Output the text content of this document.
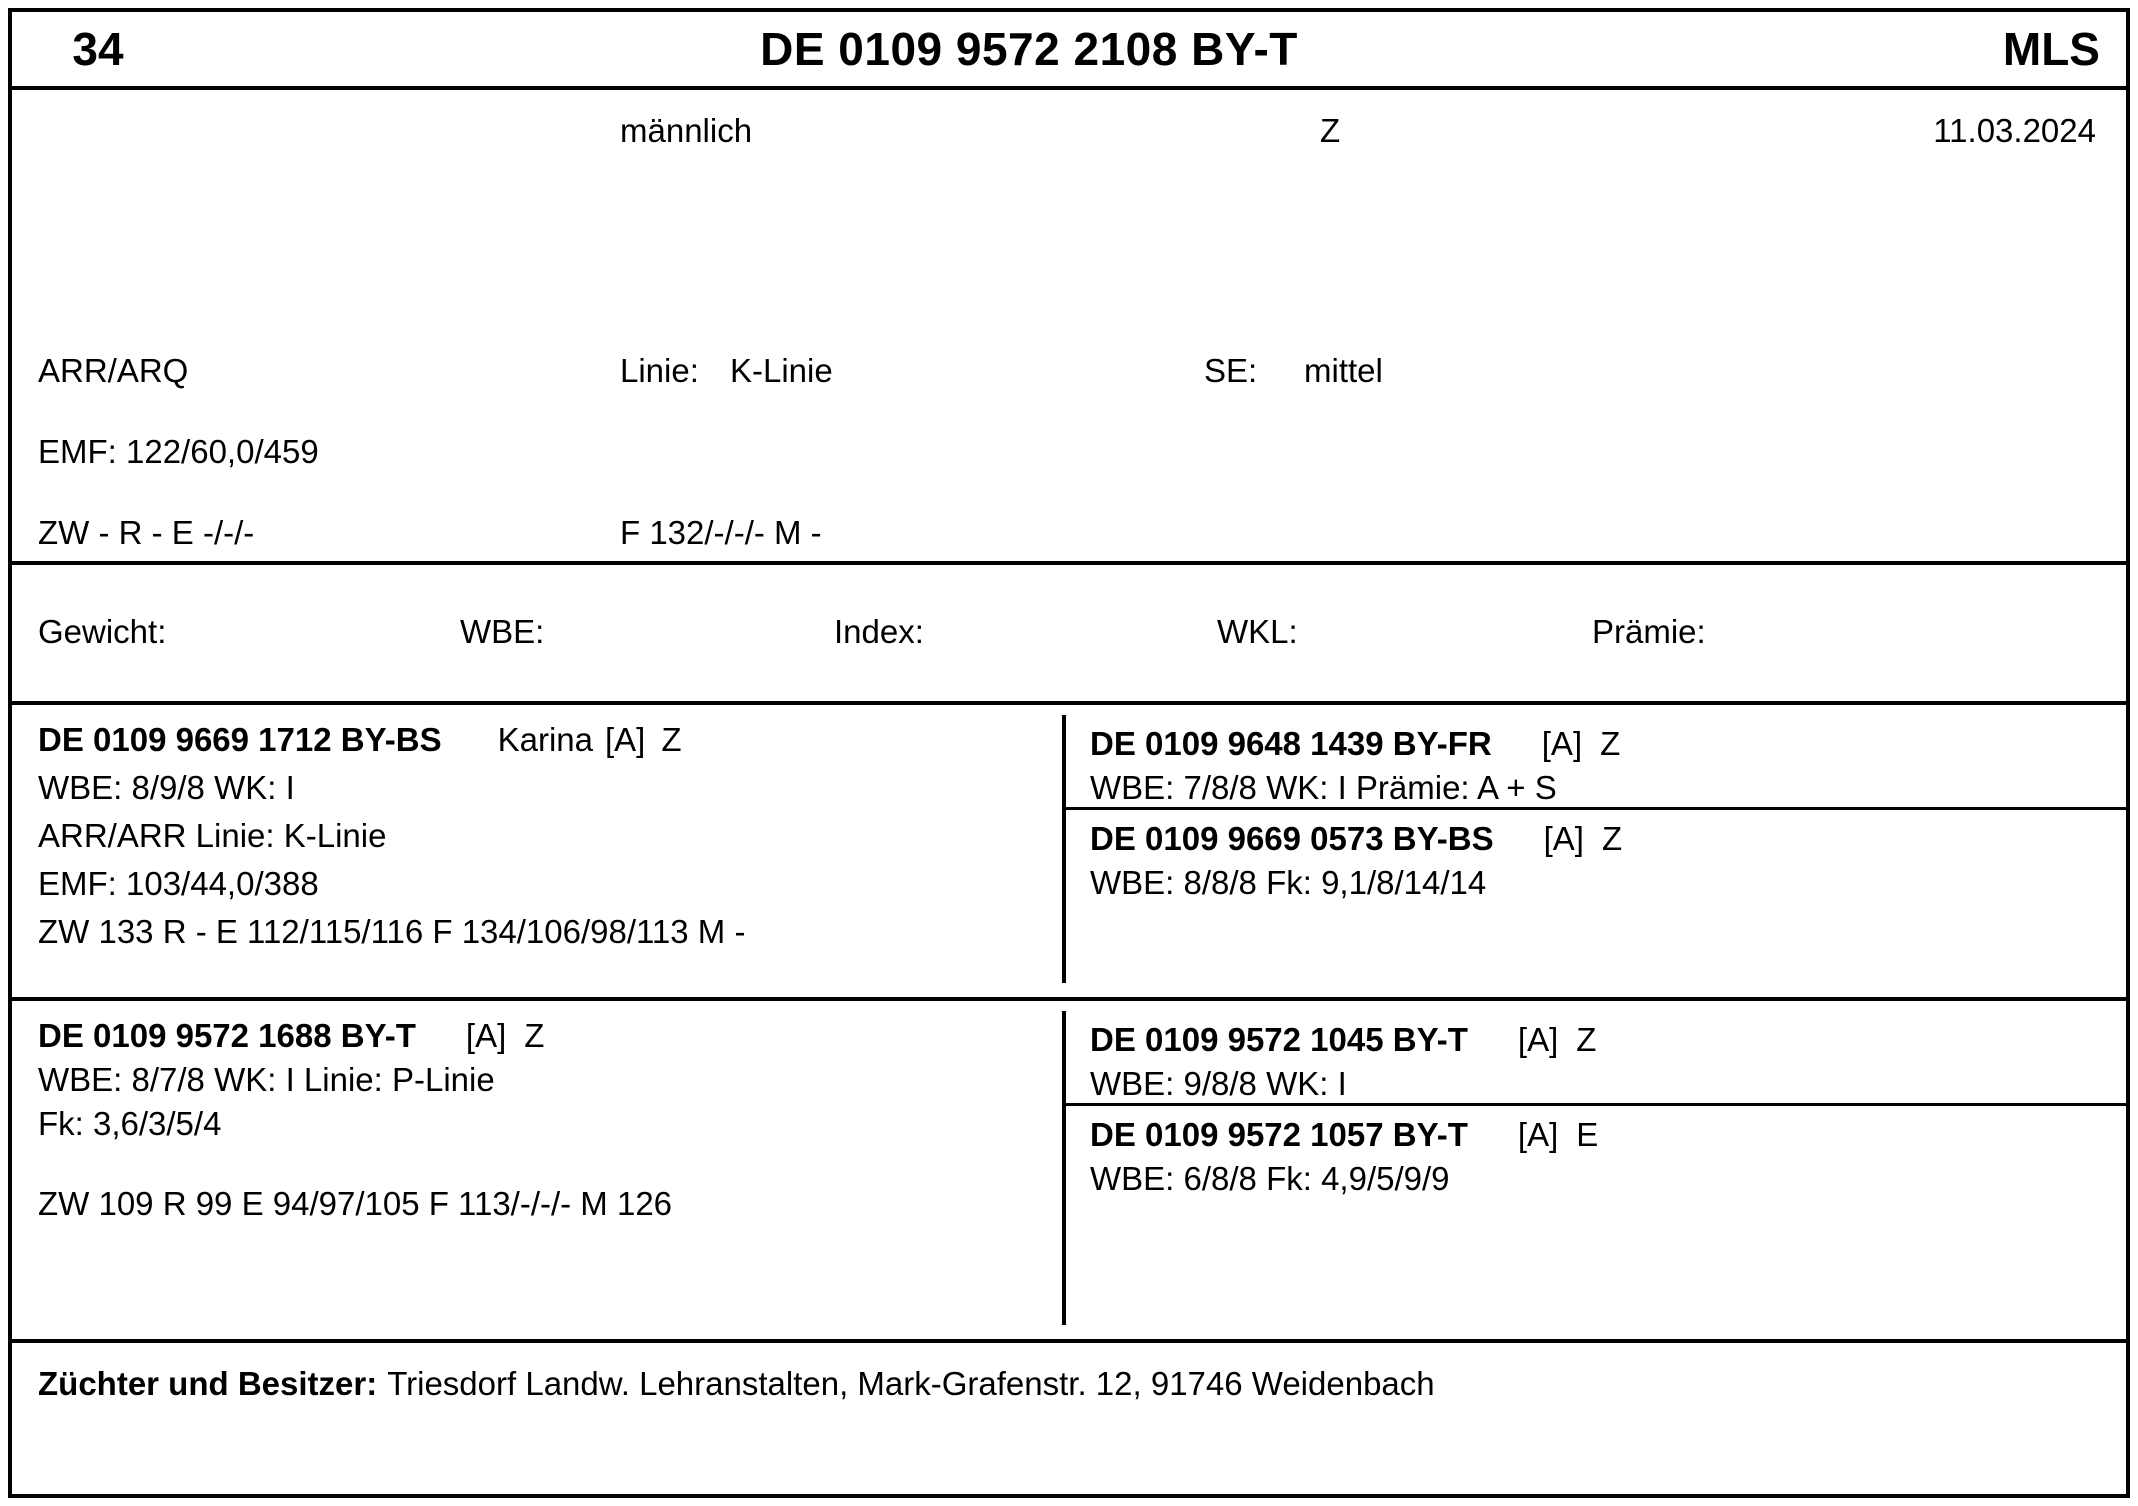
34	DE 0109 9572 2108 BY-T	MLS
männlich	Z	11.03.2024
ARR/ARQ	Linie: K-Linie	SE: mittel
EMF: 122/60,0/459
ZW - R - E -/-/-	F 132/-/-/- M -
Gewicht:	WBE:	Index:	WKL:	Prämie:
DE 0109 9669 1712 BY-BS Karina [A] Z
WBE: 8/9/8 WK: I
ARR/ARR Linie: K-Linie
EMF: 103/44,0/388
ZW 133 R - E 112/115/116 F 134/106/98/113 M -
DE 0109 9648 1439 BY-FR [A] Z
WBE: 7/8/8 WK: I Prämie: A + S
DE 0109 9669 0573 BY-BS [A] Z
WBE: 8/8/8 Fk: 9,1/8/14/14
DE 0109 9572 1688 BY-T [A] Z
WBE: 8/7/8 WK: I Linie: P-Linie
Fk: 3,6/3/5/4
ZW 109 R 99 E 94/97/105 F 113/-/-/- M 126
DE 0109 9572 1045 BY-T [A] Z
WBE: 9/8/8 WK: I
DE 0109 9572 1057 BY-T [A] E
WBE: 6/8/8 Fk: 4,9/5/9/9
Züchter und Besitzer: Triesdorf Landw. Lehranstalten, Mark-Grafenstr. 12, 91746 Weidenbach
